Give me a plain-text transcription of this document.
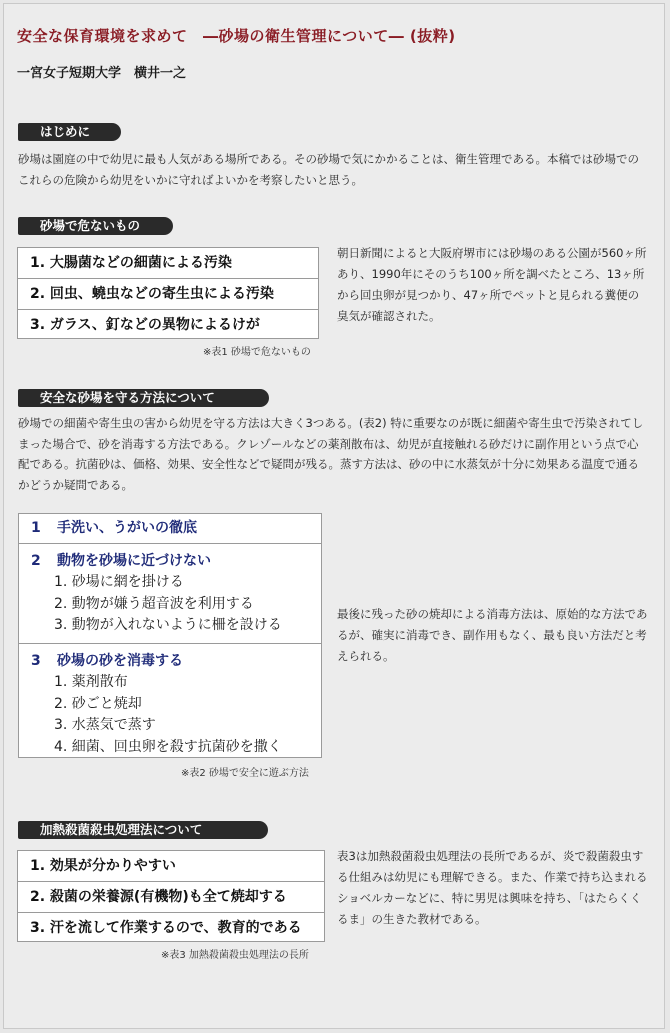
安全な保育環境を求めて　―砂場の衛生管理について― (抜粋)
一宮女子短期大学　横井一之
はじめに

砂場は園庭の中で幼児に最も人気がある場所である。その砂場で気にかかることは、衛生管理である。本稿では砂場でのこれらの危険から幼児をいかに守ればよいかを考察したいと思う。

砂場で危ないもの
1. 大腸菌などの細菌による汚染
2. 回虫、蟯虫などの寄生虫による汚染
3. ガラス、釘などの異物によるけが
※表1 砂場で危ないもの

朝日新聞によると大阪府堺市には砂場のある公園が560ヶ所あり、1990年にそのうち100ヶ所を調べたところ、13ヶ所から回虫卵が見つかり、47ヶ所でペットと見られる糞便の臭気が確認された。

安全な砂場を守る方法について

砂場での細菌や寄生虫の害から幼児を守る方法は大きく3つある。(表2) 特に重要なのが既に細菌や寄生虫で汚染されてしまった場合で、砂を消毒する方法である。クレゾールなどの薬剤散布は、幼児が直接触れる砂だけに副作用という点で心配である。抗菌砂は、価格、効果、安全性などで疑問が残る。蒸す方法は、砂の中に水蒸気が十分に効果ある温度で通るかどうか疑問である。

1 手洗い、うがいの徹底
2 動物を砂場に近づけない
1. 砂場に網を掛ける
2. 動物が嫌う超音波を利用する
3. 動物が入れないように柵を設ける
3 砂場の砂を消毒する
1. 薬剤散布
2. 砂ごと焼却
3. 水蒸気で蒸す
4. 細菌、回虫卵を殺す抗菌砂を撒く
※表2 砂場で安全に遊ぶ方法

最後に残った砂の焼却による消毒方法は、原始的な方法であるが、確実に消毒でき、副作用もなく、最も良い方法だと考えられる。

加熱殺菌殺虫処理法について
1. 効果が分かりやすい
2. 殺菌の栄養源(有機物)も全て焼却する
3. 汗を流して作業するので、教育的である
※表3 加熱殺菌殺虫処理法の長所

表3は加熱殺菌殺虫処理法の長所であるが、炎で殺菌殺虫する仕組みは幼児にも理解できる。また、作業で持ち込まれるショベルカーなどに、特に男児は興味を持ち、「はたらくくるま」の生きた教材である。
